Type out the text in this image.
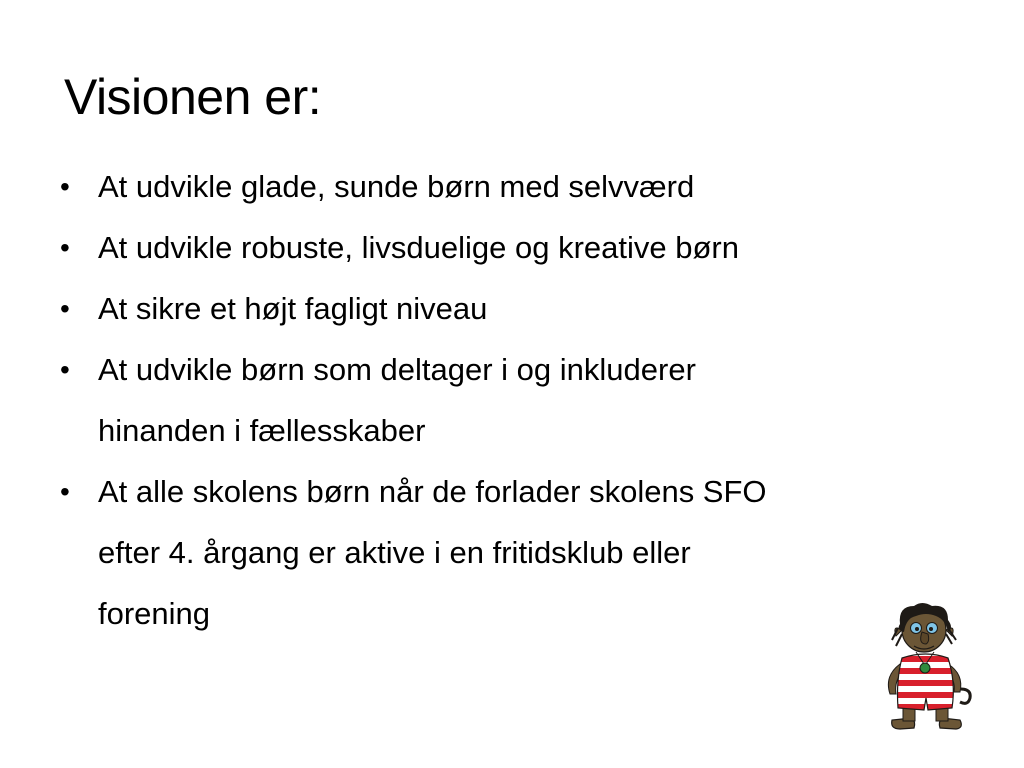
Visionen er:
• At udvikle glade, sunde børn med selvværd
• At udvikle robuste, livsduelige og kreative børn
• At sikre et højt fagligt niveau
• At udvikle børn som deltager i og inkluderer
hinanden i fællesskaber
• At alle skolens børn når de forlader skolens SFO
efter 4. årgang er aktive i en fritidsklub eller
forening
